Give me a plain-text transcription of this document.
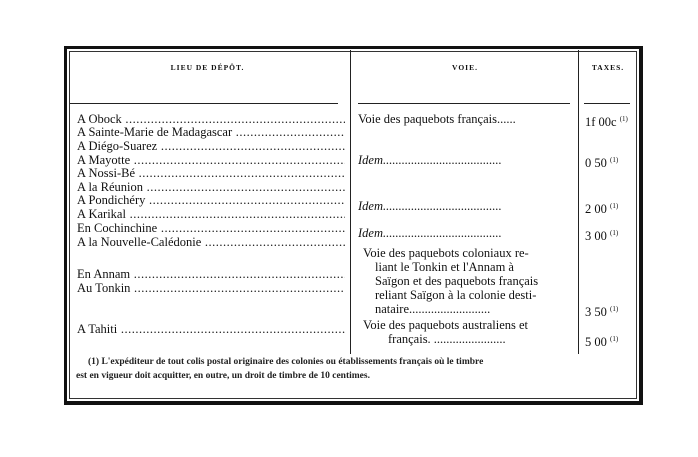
LIEU DE DÉPÔT.	VOIE.	TAXES.
A Obock .....
A Sainte-Marie de Madagascar .....
A Diégo-Suarez .....
A Mayotte .....
A Nossi-Bé .....
A la Réunion .....
A Pondichéry .....
A Karikal .....
En Cochinchine .....
A la Nouvelle-Calédonie .....
En Annam .....
Au Tonkin .....
A Tahiti .....
Voie des paquebots français......
Idem......................................
Idem......................................
Idem......................................
Voie des paquebots coloniaux re-
liant le Tonkin et l'Annam à
Saïgon et des paquebots français
reliant Saïgon à la colonie desti-
nataire..........................
Voie des paquebots australiens et
français. .......................
1f 00c $^{(1)}$
0 50 $^{(1)}$
2 00 $^{(1)}$
3 00 $^{(1)}$
3 50 $^{(1)}$
5 00 $^{(1)}$
(1) L'expéditeur de tout colis postal originaire des colonies ou établissements français où le timbre
est en vigueur doit acquitter, en outre, un droit de timbre de 10 centimes.
